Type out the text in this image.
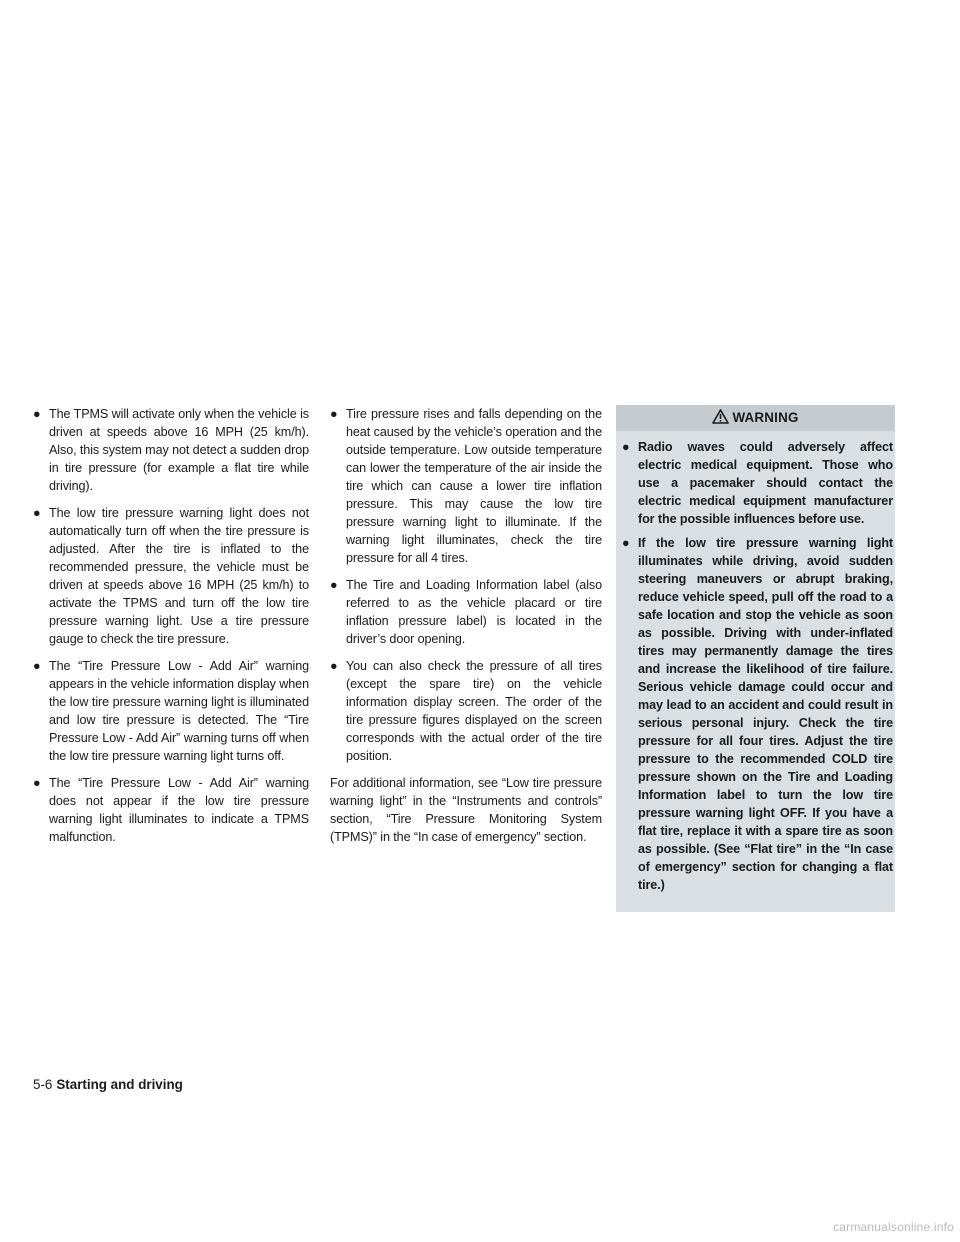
● The TPMS will activate only when the vehicle is driven at speeds above 16 MPH (25 km/h). Also, this system may not detect a sudden drop in tire pressure (for example a flat tire while driving).
● The low tire pressure warning light does not automatically turn off when the tire pressure is adjusted. After the tire is inflated to the recommended pressure, the vehicle must be driven at speeds above 16 MPH (25 km/h) to activate the TPMS and turn off the low tire pressure warning light. Use a tire pressure gauge to check the tire pressure.
● The “Tire Pressure Low - Add Air” warning appears in the vehicle information display when the low tire pressure warning light is illuminated and low tire pressure is detected. The “Tire Pressure Low - Add Air” warning turns off when the low tire pressure warning light turns off.
● The “Tire Pressure Low - Add Air” warning does not appear if the low tire pressure warning light illuminates to indicate a TPMS malfunction.
● Tire pressure rises and falls depending on the heat caused by the vehicle’s operation and the outside temperature. Low outside temperature can lower the temperature of the air inside the tire which can cause a lower tire inflation pressure. This may cause the low tire pressure warning light to illuminate. If the warning light illuminates, check the tire pressure for all 4 tires.
● The Tire and Loading Information label (also referred to as the vehicle placard or tire inflation pressure label) is located in the driver’s door opening.
● You can also check the pressure of all tires (except the spare tire) on the vehicle information display screen. The order of the tire pressure figures displayed on the screen corresponds with the actual order of the tire position.

For additional information, see “Low tire pressure warning light” in the “Instruments and controls” section, “Tire Pressure Monitoring System (TPMS)” in the “In case of emergency” section.

WARNING
● Radio waves could adversely affect electric medical equipment. Those who use a pacemaker should contact the electric medical equipment manufacturer for the possible influences before use.
● If the low tire pressure warning light illuminates while driving, avoid sudden steering maneuvers or abrupt braking, reduce vehicle speed, pull off the road to a safe location and stop the vehicle as soon as possible. Driving with under-inflated tires may permanently damage the tires and increase the likelihood of tire failure. Serious vehicle damage could occur and may lead to an accident and could result in serious personal injury. Check the tire pressure for all four tires. Adjust the tire pressure to the recommended COLD tire pressure shown on the Tire and Loading Information label to turn the low tire pressure warning light OFF. If you have a flat tire, replace it with a spare tire as soon as possible. (See “Flat tire” in the “In case of emergency” section for changing a flat tire.)
5-6 Starting and driving
carmanualsonline.info
